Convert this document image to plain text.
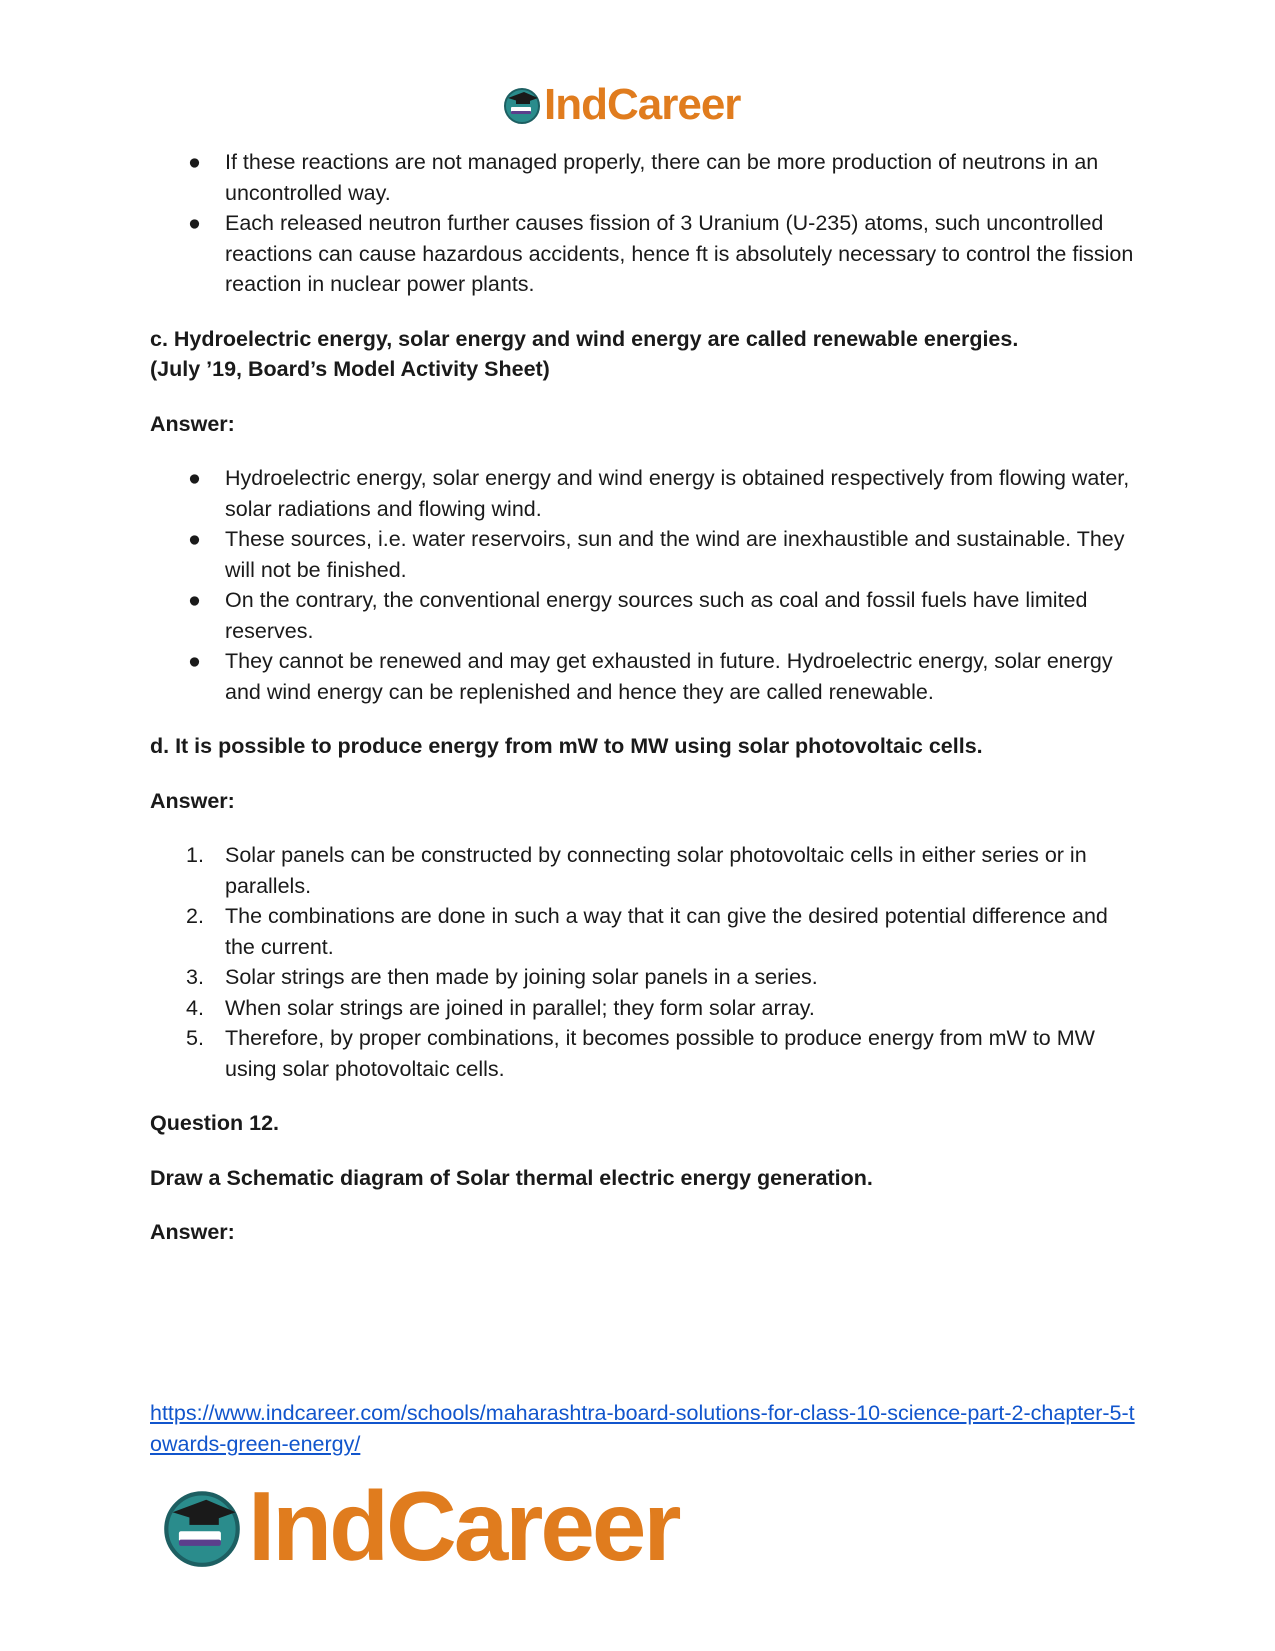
IndCareer
● If these reactions are not managed properly, there can be more production of neutrons in an uncontrolled way.
● Each released neutron further causes fission of 3 Uranium (U-235) atoms, such uncontrolled reactions can cause hazardous accidents, hence ft is absolutely necessary to control the fission reaction in nuclear power plants.

c. Hydroelectric energy, solar energy and wind energy are called renewable energies.

(July ’19, Board’s Model Activity Sheet)

Answer:

● Hydroelectric energy, solar energy and wind energy is obtained respectively from flowing water, solar radiations and flowing wind.
● These sources, i.e. water reservoirs, sun and the wind are inexhaustible and sustainable. They will not be finished.
● On the contrary, the conventional energy sources such as coal and fossil fuels have limited reserves.
● They cannot be renewed and may get exhausted in future. Hydroelectric energy, solar energy and wind energy can be replenished and hence they are called renewable.

d. It is possible to produce energy from mW to MW using solar photovoltaic cells.

Answer:

1. Solar panels can be constructed by connecting solar photovoltaic cells in either series or in parallels.
2. The combinations are done in such a way that it can give the desired potential difference and the current.
3. Solar strings are then made by joining solar panels in a series.
4. When solar strings are joined in parallel; they form solar array.
5. Therefore, by proper combinations, it becomes possible to produce energy from mW to MW using solar photovoltaic cells.

Question 12.

Draw a Schematic diagram of Solar thermal electric energy generation.

Answer:

https://www.indcareer.com/schools/maharashtra-board-solutions-for-class-10-science-part-2-chapter-5-towards-green-energy/
IndCareer
